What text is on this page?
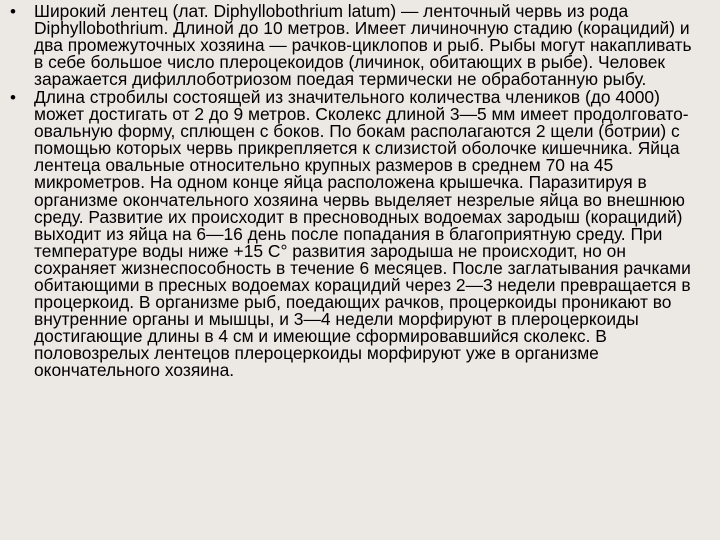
• Широкий лентец (лат. Diphyllobothrium latum) — ленточный червь из рода Diphyllobothrium. Длиной до 10 метров. Имеет личиночную стадию (корацидий) и два промежуточных хозяина — рачков-циклопов и рыб. Рыбы могут накапливать в себе большое число плероцекоидов (личинок, обитающих в рыбе). Человек заражается дифиллоботриозом поедая термически не обработанную рыбу.
• Длина стробилы состоящей из значительного количества члеников (до 4000) может достигать от 2 до 9 метров. Сколекс длиной 3—5 мм имеет продолговато-овальную форму, сплющен с боков. По бокам располагаются 2 щели (ботрии) с помощью которых червь прикрепляется к слизистой оболочке кишечника. Яйца лентеца овальные относительно крупных размеров в среднем 70 на 45 микрометров. На одном конце яйца расположена крышечка. Паразитируя в организме окончательного хозяина червь выделяет незрелые яйца во внешнюю среду. Развитие их происходит в пресноводных водоемах зародыш (корацидий) выходит из яйца на 6—16 день после попадания в благоприятную среду. При температуре воды ниже +15 С° развития зародыша не происходит, но он сохраняет жизнеспособность в течение 6 месяцев. После заглатывания рачками обитающими в пресных водоемах корацидий через 2—3 недели превращается в процеркоид. В организме рыб, поедающих рачков, процеркоиды проникают во внутренние органы и мышцы, и 3—4 недели морфируют в плероцеркоиды достигающие длины в 4 см и имеющие сформировавшийся сколекс. В половозрелых лентецов плероцеркоиды морфируют уже в организме окончательного хозяина.
